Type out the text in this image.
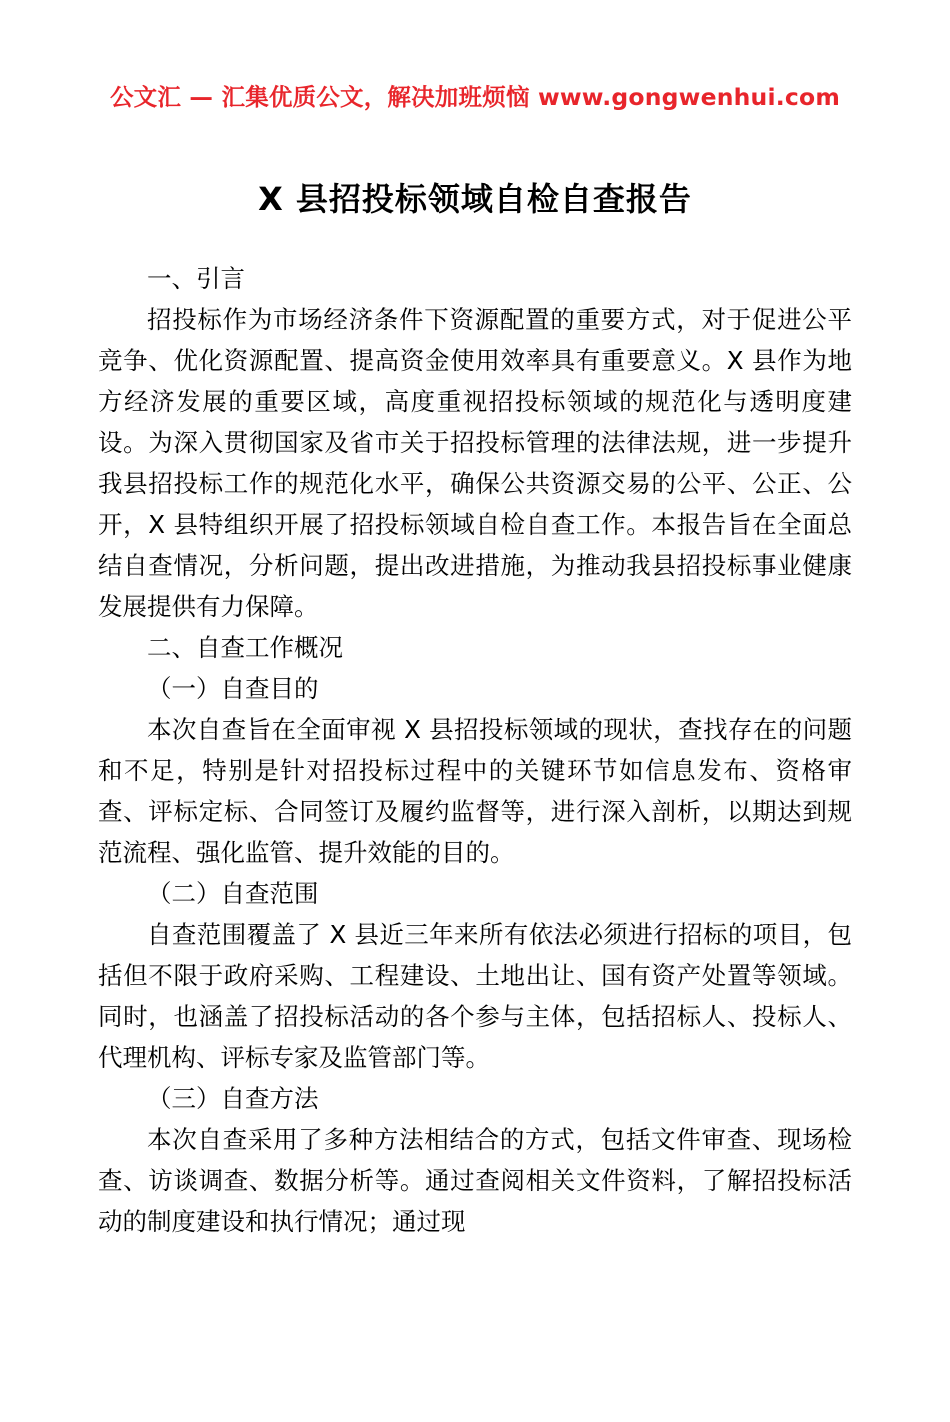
公文汇 — 汇集优质公文，解决加班烦恼 www.gongwenhui.com
X 县招投标领域自检自查报告

一、引言

招投标作为市场经济条件下资源配置的重要方式，对于促进公平竞争、优化资源配置、提高资金使用效率具有重要意义。X 县作为地方经济发展的重要区域，高度重视招投标领域的规范化与透明度建设。为深入贯彻国家及省市关于招投标管理的法律法规，进一步提升我县招投标工作的规范化水平，确保公共资源交易的公平、公正、公开，X 县特组织开展了招投标领域自检自查工作。本报告旨在全面总结自查情况，分析问题，提出改进措施，为推动我县招投标事业健康发展提供有力保障。

二、自查工作概况

（一）自查目的

本次自查旨在全面审视 X 县招投标领域的现状，查找存在的问题和不足，特别是针对招投标过程中的关键环节如信息发布、资格审查、评标定标、合同签订及履约监督等，进行深入剖析，以期达到规范流程、强化监管、提升效能的目的。

（二）自查范围

自查范围覆盖了 X 县近三年来所有依法必须进行招标的项目，包括但不限于政府采购、工程建设、土地出让、国有资产处置等领域。同时，也涵盖了招投标活动的各个参与主体，包括招标人、投标人、代理机构、评标专家及监管部门等。

（三）自查方法

本次自查采用了多种方法相结合的方式，包括文件审查、现场检查、访谈调查、数据分析等。通过查阅相关文件资料，了解招投标活动的制度建设和执行情况；通过现
